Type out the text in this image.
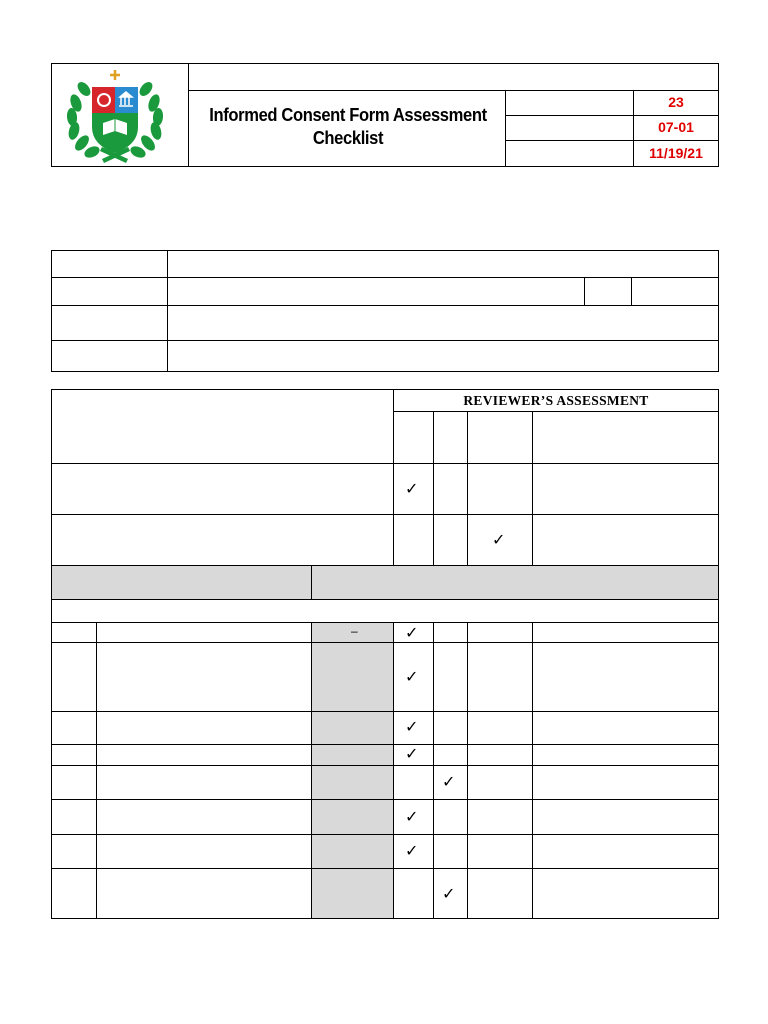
Informed Consent Form Assessment Checklist
23
07-01
11/19/21
REVIEWER’S ASSESSMENT
✓
✓
–	✓
✓
✓
✓
✓
✓
✓
✓
